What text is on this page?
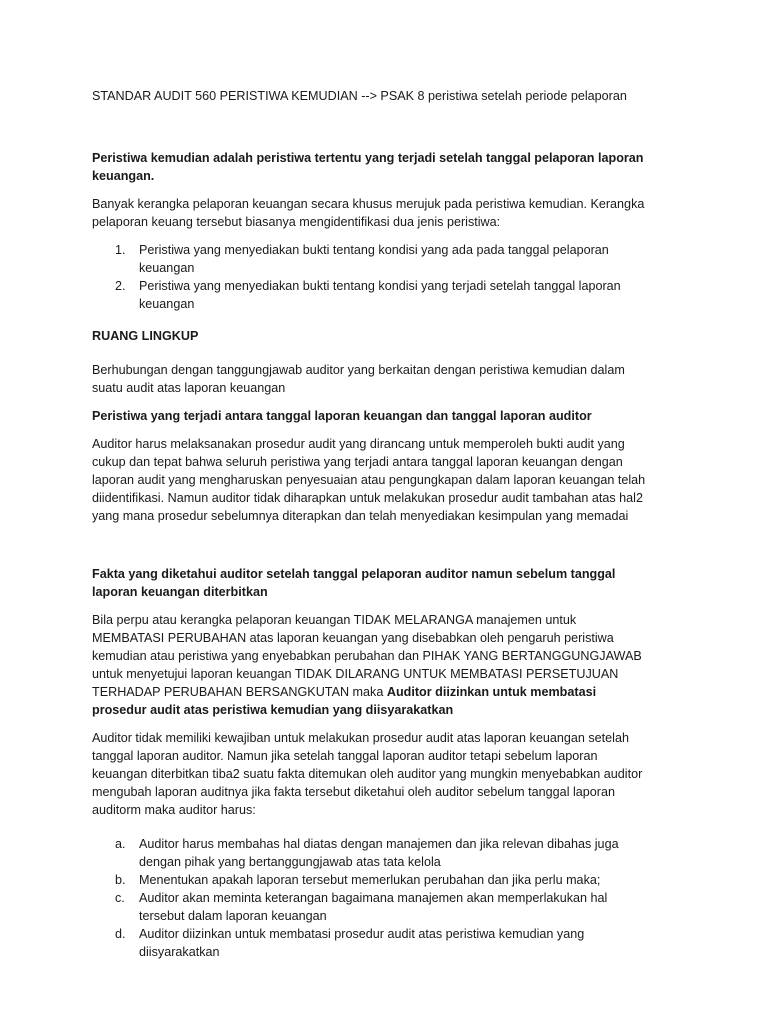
STANDAR AUDIT 560 PERISTIWA KEMUDIAN --> PSAK 8 peristiwa setelah periode pelaporan

Peristiwa kemudian adalah peristiwa tertentu yang terjadi setelah tanggal pelaporan laporan keuangan.

Banyak kerangka pelaporan keuangan secara khusus merujuk pada peristiwa kemudian. Kerangka pelaporan keuang tersebut biasanya mengidentifikasi dua jenis peristiwa:

1. Peristiwa yang menyediakan bukti tentang kondisi yang ada pada tanggal pelaporan keuangan
2. Peristiwa yang menyediakan bukti tentang kondisi yang terjadi setelah tanggal laporan keuangan

RUANG LINGKUP

Berhubungan dengan tanggungjawab auditor yang berkaitan dengan peristiwa kemudian dalam suatu audit atas laporan keuangan

Peristiwa yang terjadi antara tanggal laporan keuangan dan tanggal laporan auditor

Auditor harus melaksanakan prosedur audit yang dirancang untuk memperoleh bukti audit yang cukup dan tepat bahwa seluruh peristiwa yang terjadi antara tanggal laporan keuangan dengan laporan audit yang mengharuskan penyesuaian atau pengungkapan dalam laporan keuangan telah diidentifikasi. Namun auditor tidak diharapkan untuk melakukan prosedur audit tambahan atas hal2 yang mana prosedur sebelumnya diterapkan dan telah menyediakan kesimpulan yang memadai

Fakta yang diketahui auditor setelah tanggal pelaporan auditor namun sebelum tanggal laporan keuangan diterbitkan

Bila perpu atau kerangka pelaporan keuangan TIDAK MELARANGA manajemen untuk MEMBATASI PERUBAHAN atas laporan keuangan yang disebabkan oleh pengaruh peristiwa kemudian atau peristiwa yang enyebabkan perubahan dan PIHAK YANG BERTANGGUNGJAWAB untuk menyetujui laporan keuangan TIDAK DILARANG UNTUK MEMBATASI PERSETUJUAN TERHADAP PERUBAHAN BERSANGKUTAN maka Auditor diizinkan untuk membatasi prosedur audit atas peristiwa kemudian yang diisyarakatkan

Auditor tidak memiliki kewajiban untuk melakukan prosedur audit atas laporan keuangan setelah tanggal laporan auditor. Namun jika setelah tanggal laporan auditor tetapi sebelum laporan keuangan diterbitkan tiba2 suatu fakta ditemukan oleh auditor yang mungkin menyebabkan auditor mengubah laporan auditnya jika fakta tersebut diketahui oleh auditor sebelum tanggal laporan auditorm maka auditor harus:

a. Auditor harus membahas hal diatas dengan manajemen dan jika relevan dibahas juga dengan pihak yang bertanggungjawab atas tata kelola
b. Menentukan apakah laporan tersebut memerlukan perubahan dan jika perlu maka;
c. Auditor akan meminta keterangan bagaimana manajemen akan memperlakukan hal tersebut dalam laporan keuangan
d. Auditor diizinkan untuk membatasi prosedur audit atas peristiwa kemudian yang diisyarakatkan
